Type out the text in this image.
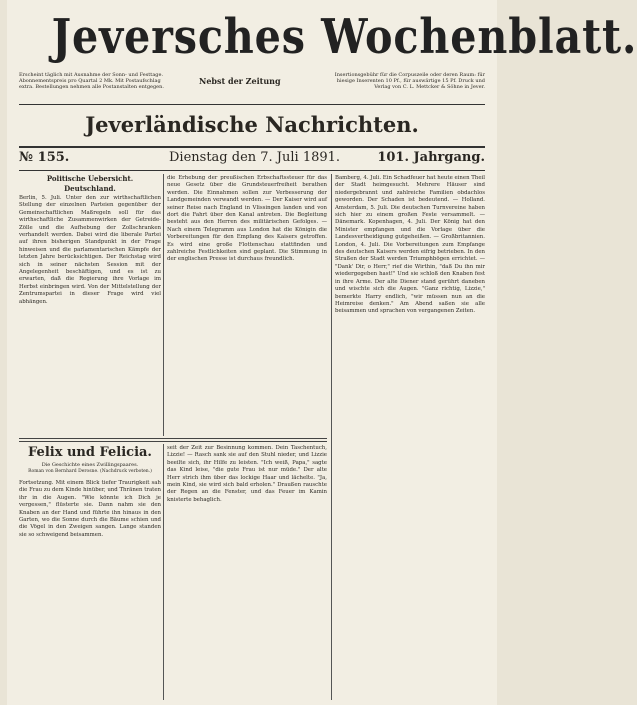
Jeversches Wochenblatt.
Erscheint täglich mit Ausnahme der Sonn- und Festtage. Abonnementspreis pro Quartal 2 Mk. Mit Postaufschlag extra. Bestellungen nehmen alle Postanstalten entgegen.
Nebst der Zeitung
Insertionsgebühr für die Corpuszeile oder deren Raum: für hiesige Inserenten 10 Pf., für auswärtige 15 Pf. Druck und Verlag von C. L. Mettcker & Söhne in Jever.
Jeverländische Nachrichten.
№ 155.	Dienstag den 7. Juli 1891.	101. Jahrgang.
Politische Uebersicht.
Deutschland.

Berlin, 5. Juli. Unter den zur wirthschaftlichen Stellung der einzelnen Parteien gegenüber der Gemeinschaftlichen Maßregeln soll für das wirthschaftliche Zusammenwirken der Getreide-Zölle und die Aufhebung der Zollschranken verhandelt werden. Dabei wird die liberale Partei auf ihren bisherigen Standpunkt in der Frage hinweisen und die parlamentarischen Kämpfe der letzten Jahre berücksichtigen. Der Reichstag wird sich in seiner nächsten Session mit der Angelegenheit beschäftigen, und es ist zu erwarten, daß die Regierung ihre Vorlage im Herbst einbringen wird. Von der Mittelstellung der Zentrumspartei in dieser Frage wird viel abhängen.

die Erhebung der preußischen Erbschaftssteuer für das neue Gesetz über die Grundsteuerfreiheit berathen werden. Die Einnahmen sollen zur Verbesserung der Landgemeinden verwandt werden. — Der Kaiser wird auf seiner Reise nach England in Vlissingen landen und von dort die Fahrt über den Kanal antreten. Die Begleitung besteht aus den Herren des militärischen Gefolges. — Nach einem Telegramm aus London hat die Königin die Vorbereitungen für den Empfang des Kaisers getroffen. Es wird eine große Flottenschau stattfinden und zahlreiche Festlichkeiten sind geplant. Die Stimmung in der englischen Presse ist durchaus freundlich.

Bamberg, 4. Juli. Ein Schadfeuer hat heute einen Theil der Stadt heimgesucht. Mehrere Häuser sind niedergebrannt und zahlreiche Familien obdachlos geworden. Der Schaden ist bedeutend. — Holland. Amsterdam, 5. Juli. Die deutschen Turnvereine haben sich hier zu einem großen Feste versammelt. — Dänemark. Kopenhagen, 4. Juli. Der König hat den Minister empfangen und die Vorlage über die Landesvertheidigung gutgeheißen. — Großbritannien. London, 4. Juli. Die Vorbereitungen zum Empfange des deutschen Kaisers werden eifrig betrieben. In den Straßen der Stadt werden Triumphbögen errichtet. — "Dank' Dir, o Herr," rief die Wirthin, "daß Du ihn mir wiedergegeben hast!" Und sie schloß den Knaben fest in ihre Arme. Der alte Diener stand gerührt daneben und wischte sich die Augen. "Ganz richtig, Lizzie," bemerkte Harry endlich, "wir müssen nun an die Heimreise denken." Am Abend saßen sie alle beisammen und sprachen von vergangenen Zeiten.

Felix und Felicia.
Die Geschichte eines Zwillingspaares.
Roman von Bernhard Derosne. (Nachdruck verboten.)

Fortsetzung. Mit einem Blick tiefer Traurigkeit sah die Frau zu dem Kinde hinüber, und Thränen traten ihr in die Augen. "Wie könnte ich Dich je vergessen," flüsterte sie. Dann nahm sie den Knaben an der Hand und führte ihn hinaus in den Garten, wo die Sonne durch die Bäume schien und die Vögel in den Zweigen sangen. Lange standen sie so schweigend beisammen.

seit der Zeit zur Besinnung kommen. Dein Taschentuch, Lizzie! — Rasch sank sie auf den Stuhl nieder, und Lizzie beeilte sich, ihr Hilfe zu leisten. "Ich weiß, Papa," sagte das Kind leise, "die gute Frau ist nur müde." Der alte Herr strich ihm über das lockige Haar und lächelte. "Ja, mein Kind, sie wird sich bald erholen." Draußen rauschte der Regen an die Fenster, und das Feuer im Kamin knisterte behaglich.
